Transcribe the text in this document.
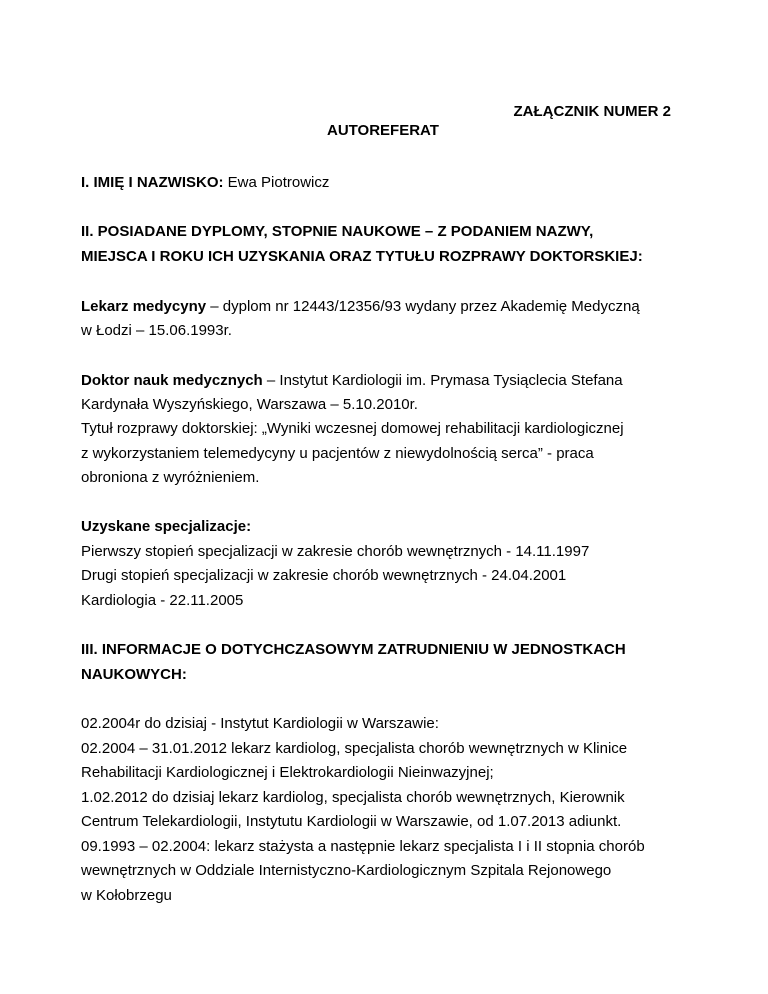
ZAŁĄCZNIK NUMER 2
AUTOREFERAT
I. IMIĘ I NAZWISKO: Ewa Piotrowicz
II. POSIADANE DYPLOMY, STOPNIE NAUKOWE – Z PODANIEM NAZWY,
MIEJSCA I ROKU ICH UZYSKANIA ORAZ TYTUŁU ROZPRAWY DOKTORSKIEJ:
Lekarz medycyny – dyplom nr 12443/12356/93 wydany przez Akademię Medyczną
w Łodzi – 15.06.1993r.
Doktor nauk medycznych – Instytut Kardiologii im. Prymasa Tysiąclecia Stefana
Kardynała Wyszyńskiego, Warszawa – 5.10.2010r.
Tytuł rozprawy doktorskiej: „Wyniki wczesnej domowej rehabilitacji kardiologicznej
z wykorzystaniem telemedycyny u pacjentów z niewydolnością serca” - praca
obroniona z wyróżnieniem.
Uzyskane specjalizacje:
Pierwszy stopień specjalizacji w zakresie chorób wewnętrznych - 14.11.1997
Drugi stopień specjalizacji w zakresie chorób wewnętrznych - 24.04.2001
Kardiologia - 22.11.2005
III. INFORMACJE O DOTYCHCZASOWYM ZATRUDNIENIU W JEDNOSTKACH
NAUKOWYCH:
02.2004r do dzisiaj - Instytut Kardiologii w Warszawie:
02.2004 – 31.01.2012 lekarz kardiolog, specjalista chorób wewnętrznych w Klinice
Rehabilitacji Kardiologicznej i Elektrokardiologii Nieinwazyjnej;
1.02.2012 do dzisiaj lekarz kardiolog, specjalista chorób wewnętrznych, Kierownik
Centrum Telekardiologii, Instytutu Kardiologii w Warszawie, od 1.07.2013 adiunkt.
09.1993 – 02.2004: lekarz stażysta a następnie lekarz specjalista I i II stopnia chorób
wewnętrznych w Oddziale Internistyczno-Kardiologicznym Szpitala Rejonowego
w Kołobrzegu
